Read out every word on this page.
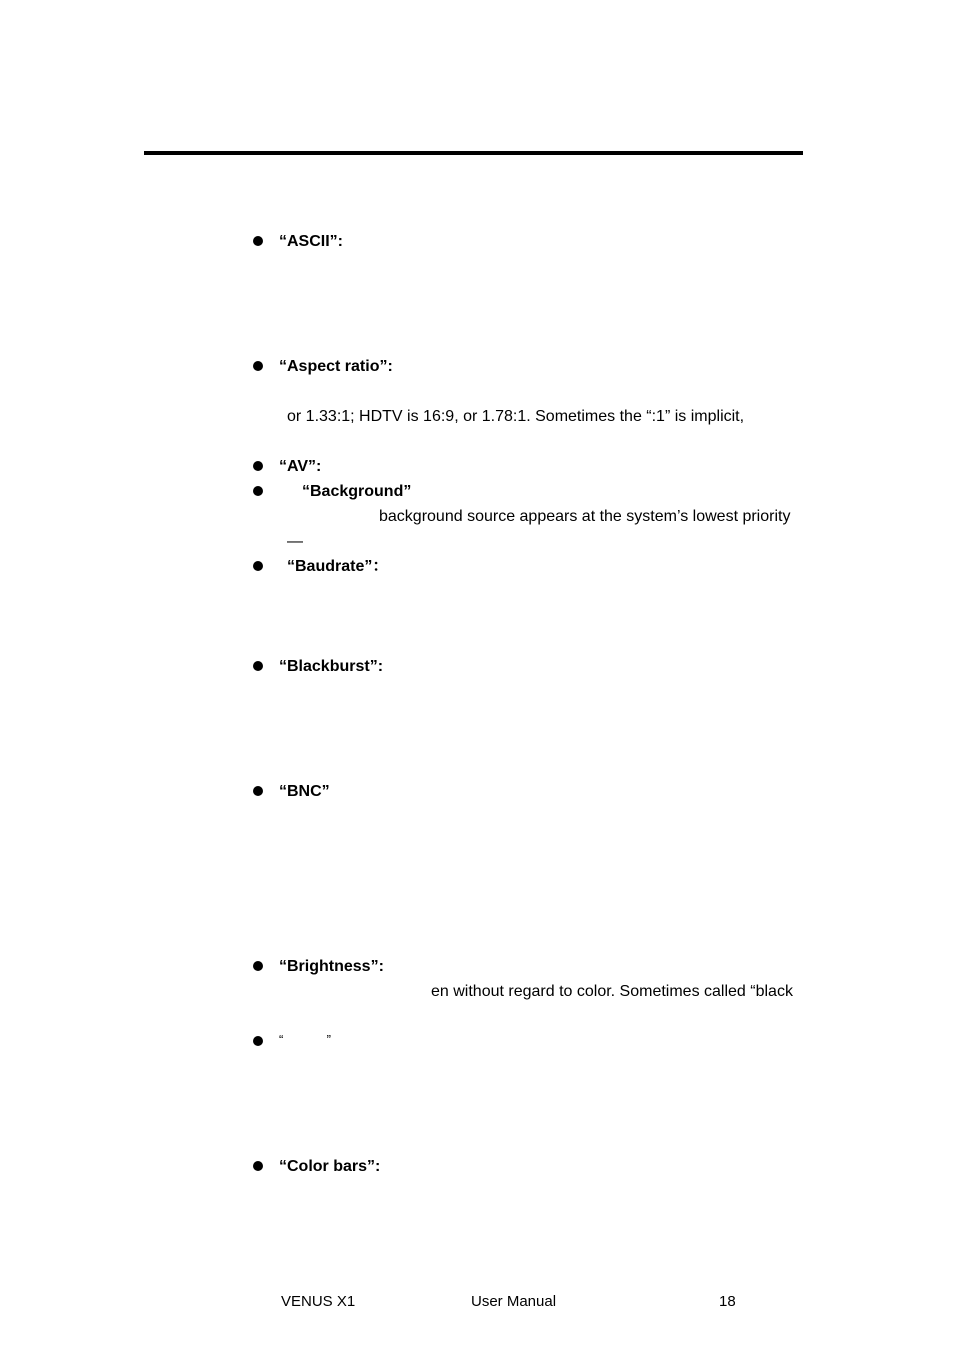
“ASCII”:
“Aspect ratio”:
or 1.33:1; HDTV is 16:9, or 1.78:1. Sometimes the “:1” is implicit,
“AV”:
“Background”
background source appears at the system’s lowest priority
—
“Baudrate”：
“Blackburst”:
“BNC”
“Brightness”:
en without regard to color. Sometimes called “black
“            ”
“Color bars”:
VENUS X1	User Manual	18
